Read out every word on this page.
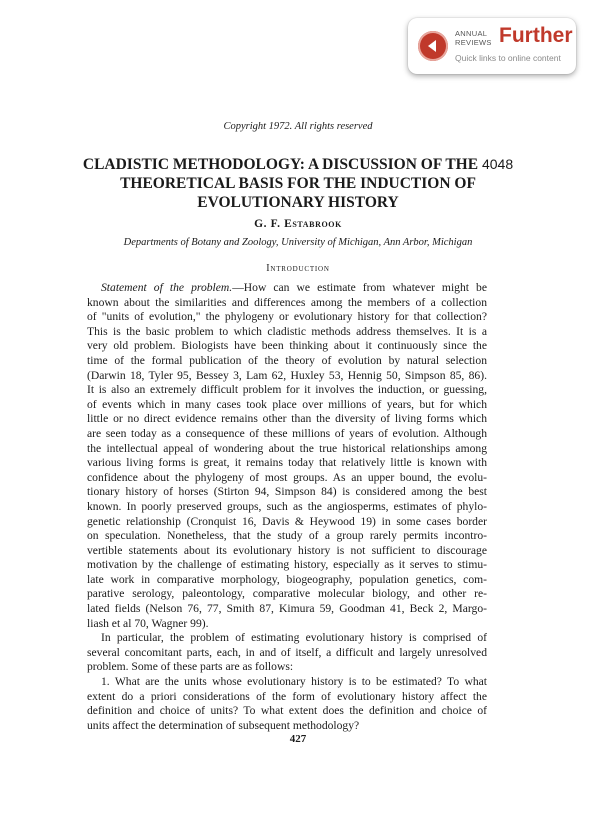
ANNUAL
REVIEWS Further
Quick links to online content
Copyright 1972. All rights reserved
CLADISTIC METHODOLOGY: A DISCUSSION OF THE 4048
THEORETICAL BASIS FOR THE INDUCTION OF
EVOLUTIONARY HISTORY
G. F. Estabrook
Departments of Botany and Zoology, University of Michigan, Ann Arbor, Michigan
Introduction
Statement of the problem.—How can we estimate from whatever might be
known about the similarities and differences among the members of a collection
of "units of evolution," the phylogeny or evolutionary history for that collection?
This is the basic problem to which cladistic methods address themselves. It is a
very old problem. Biologists have been thinking about it continuously since the
time of the formal publication of the theory of evolution by natural selection
(Darwin 18, Tyler 95, Bessey 3, Lam 62, Huxley 53, Hennig 50, Simpson 85, 86).
It is also an extremely difficult problem for it involves the induction, or guessing,
of events which in many cases took place over millions of years, but for which
little or no direct evidence remains other than the diversity of living forms which
are seen today as a consequence of these millions of years of evolution. Although
the intellectual appeal of wondering about the true historical relationships among
various living forms is great, it remains today that relatively little is known with
confidence about the phylogeny of most groups. As an upper bound, the evolu-
tionary history of horses (Stirton 94, Simpson 84) is considered among the best
known. In poorly preserved groups, such as the angiosperms, estimates of phylo-
genetic relationship (Cronquist 16, Davis & Heywood 19) in some cases border
on speculation. Nonetheless, that the study of a group rarely permits incontro-
vertible statements about its evolutionary history is not sufficient to discourage
motivation by the challenge of estimating history, especially as it serves to stimu-
late work in comparative morphology, biogeography, population genetics, com-
parative serology, paleontology, comparative molecular biology, and other re-
lated fields (Nelson 76, 77, Smith 87, Kimura 59, Goodman 41, Beck 2, Margo-
liash et al 70, Wagner 99).
In particular, the problem of estimating evolutionary history is comprised of
several concomitant parts, each, in and of itself, a difficult and largely unresolved
problem. Some of these parts are as follows:
1. What are the units whose evolutionary history is to be estimated? To what
extent do a priori considerations of the form of evolutionary history affect the
definition and choice of units? To what extent does the definition and choice of
units affect the determination of subsequent methodology?
427
